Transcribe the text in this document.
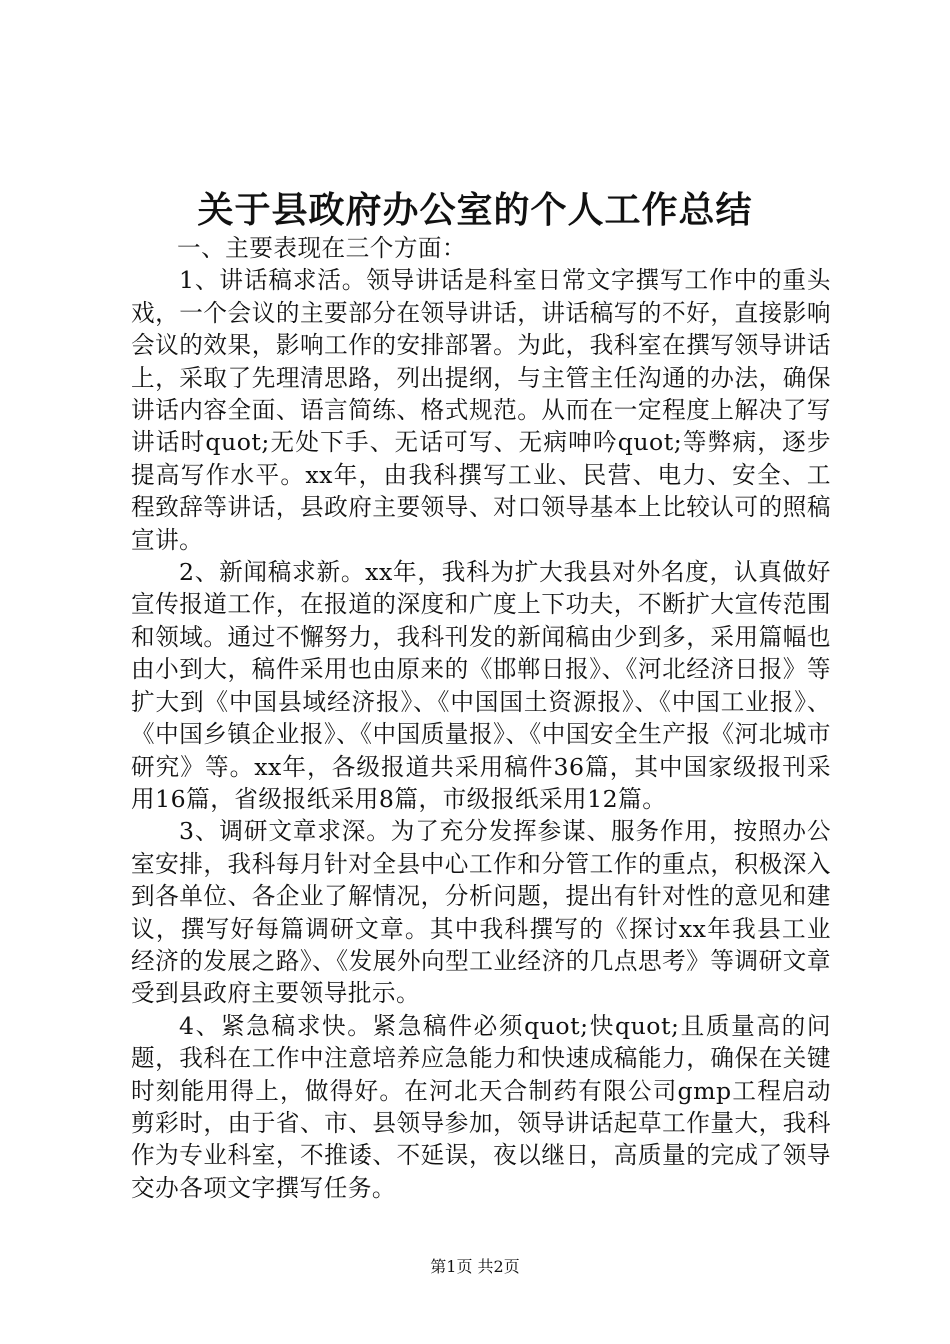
关于县政府办公室的个人工作总结

一、主要表现在三个方面：

1、讲话稿求活。领导讲话是科室日常文字撰写工作中的重头戏，一个会议的主要部分在领导讲话，讲话稿写的不好，直接影响会议的效果，影响工作的安排部署。为此，我科室在撰写领导讲话上，采取了先理清思路，列出提纲，与主管主任沟通的办法，确保讲话内容全面、语言简练、格式规范。从而在一定程度上解决了写讲话时quot;无处下手、无话可写、无病呻吟quot;等弊病，逐步提高写作水平。xx年，由我科撰写工业、民营、电力、安全、工程致辞等讲话，县政府主要领导、对口领导基本上比较认可的照稿宣讲。

2、新闻稿求新。xx年，我科为扩大我县对外名度，认真做好宣传报道工作，在报道的深度和广度上下功夫，不断扩大宣传范围和领域。通过不懈努力，我科刊发的新闻稿由少到多，采用篇幅也由小到大，稿件采用也由原来的《邯郸日报》、《河北经济日报》等扩大到《中国县域经济报》、《中国国土资源报》、《中国工业报》、《中国乡镇企业报》、《中国质量报》、《中国安全生产报《河北城市研究》等。xx年，各级报道共采用稿件36篇，其中国家级报刊采用16篇，省级报纸采用8篇，市级报纸采用12篇。

3、调研文章求深。为了充分发挥参谋、服务作用，按照办公室安排，我科每月针对全县中心工作和分管工作的重点，积极深入到各单位、各企业了解情况，分析问题，提出有针对性的意见和建议，撰写好每篇调研文章。其中我科撰写的《探讨xx年我县工业经济的发展之路》、《发展外向型工业经济的几点思考》等调研文章受到县政府主要领导批示。

4、紧急稿求快。紧急稿件必须quot;快quot;且质量高的问题，我科在工作中注意培养应急能力和快速成稿能力，确保在关键时刻能用得上，做得好。在河北天合制药有限公司gmp工程启动剪彩时，由于省、市、县领导参加，领导讲话起草工作量大，我科作为专业科室，不推诿、不延误，夜以继日，高质量的完成了领导交办各项文字撰写任务。

第1页 共2页
